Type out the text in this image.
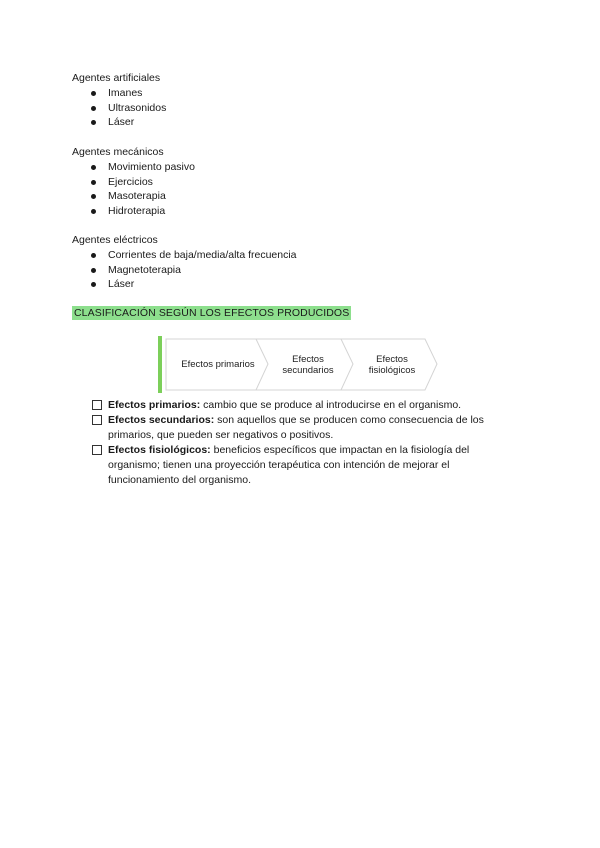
Agentes artificiales
Imanes
Ultrasonidos
Láser
Agentes mecánicos
Movimiento pasivo
Ejercicios
Masoterapia
Hidroterapia
Agentes eléctricos
Corrientes de baja/media/alta frecuencia
Magnetoterapia
Láser
CLASIFICACIÓN SEGÚN LOS EFECTOS PRODUCIDOS
Efectos primarios	Efectos
secundarios
Efectos
fisiológicos
Efectos primarios: cambio que se produce al introducirse en el organismo.
Efectos secundarios: son aquellos que se producen como consecuencia de los primarios, que pueden ser negativos o positivos.
Efectos fisiológicos: beneficios específicos que impactan en la fisiología del organismo; tienen una proyección terapéutica con intención de mejorar el funcionamiento del organismo.
